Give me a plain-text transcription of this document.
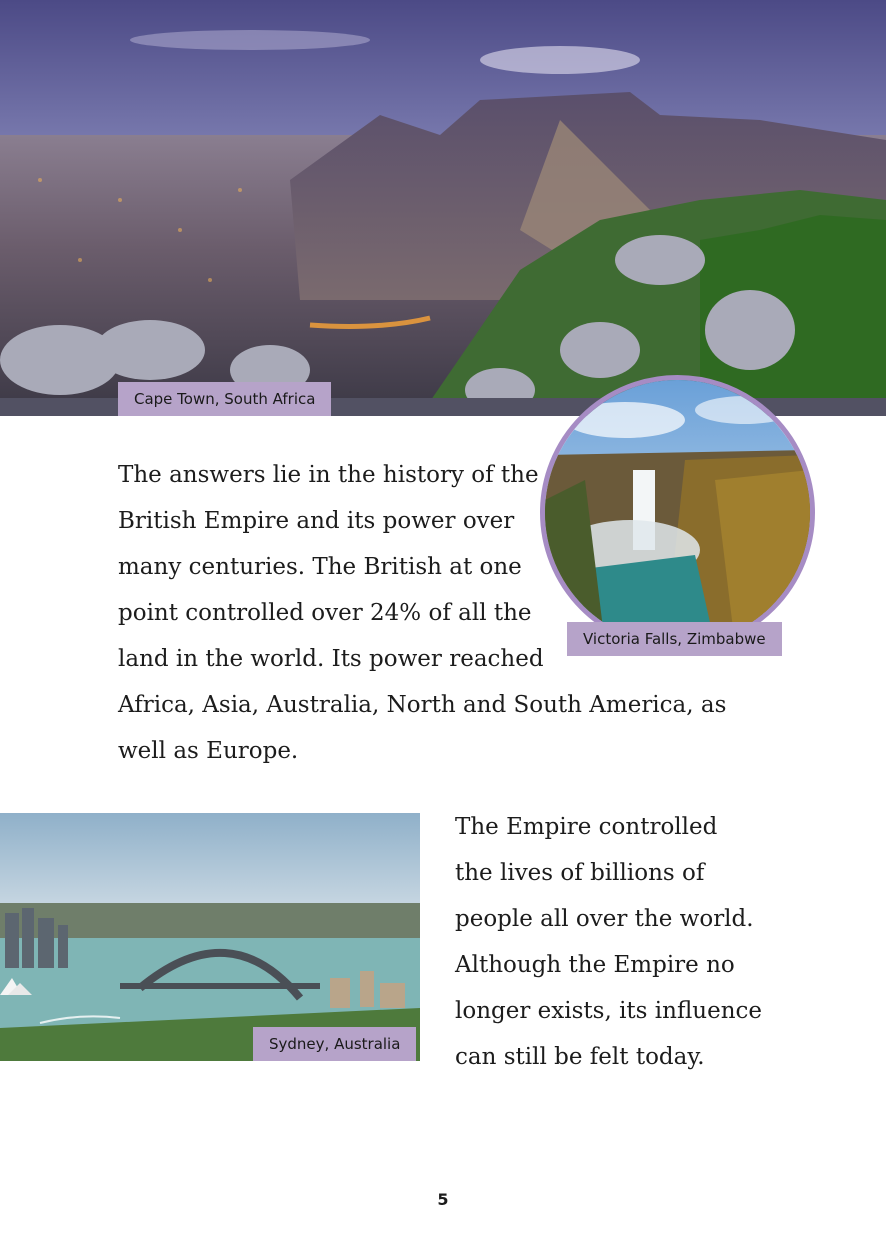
Cape Town, South Africa
Victoria Falls, Zimbabwe
The answers lie in the history of the
British Empire and its power over
many centuries. The British at one
point controlled over 24% of all the
land in the world. Its power reached
Africa, Asia, Australia, North and South America, as
well as Europe.
Sydney, Australia
The Empire controlled
the lives of billions of
people all over the world.
Although the Empire no
longer exists, its influence
can still be felt today.
5
